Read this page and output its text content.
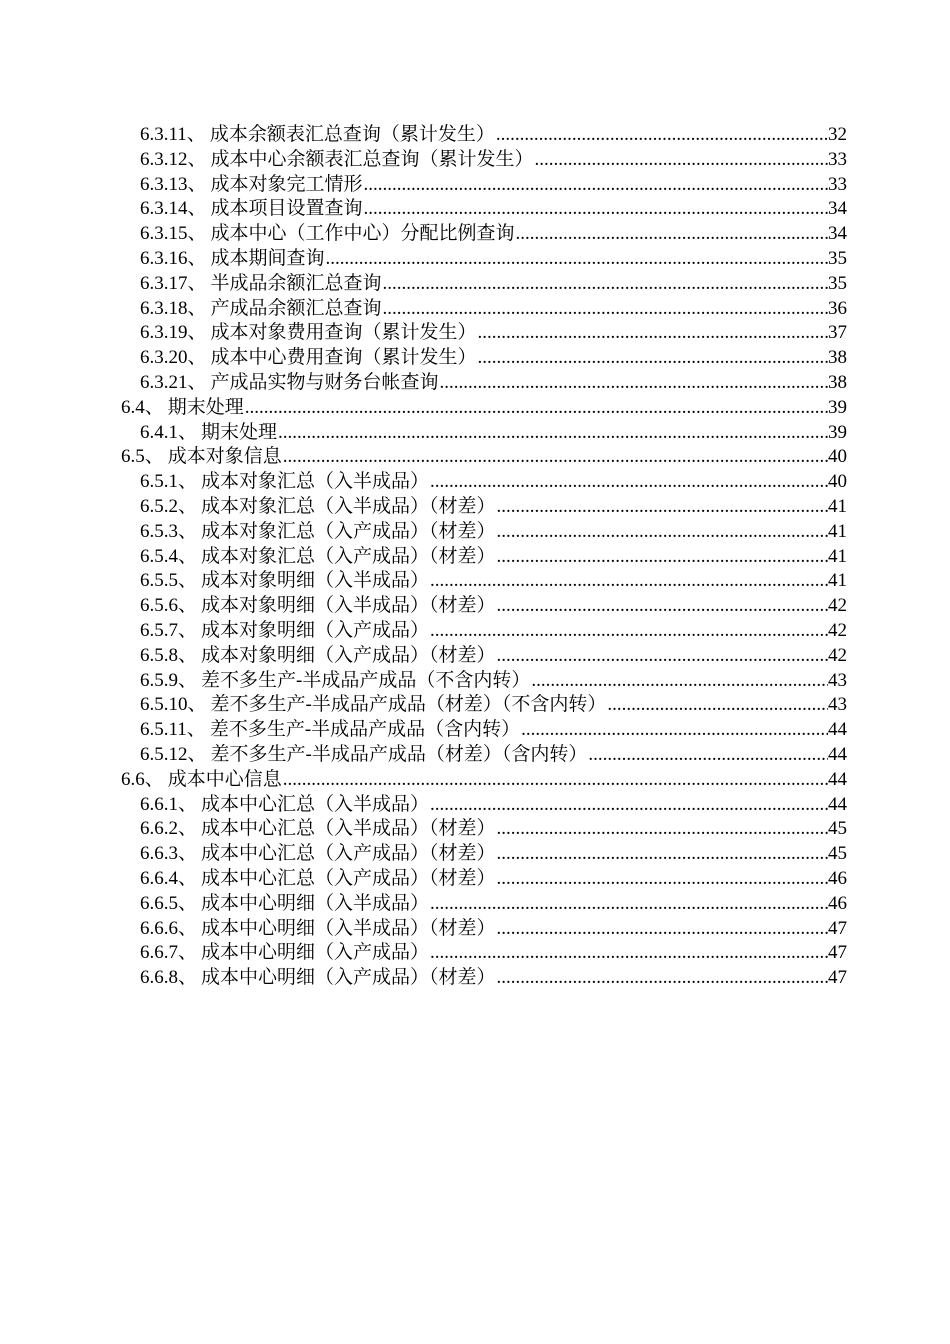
6.3.11 、 成本余额表汇总查询（累计发生） .....	32
6.3.12 、 成本中心余额表汇总查询（累计发生） .....	33
6.3.13 、 成本对象完工情形 .....	33
6.3.14 、 成本项目设置查询 .....	34
6.3.15 、 成本中心（工作中心）分配比例查询 .....	34
6.3.16 、 成本期间查询 .....	35
6.3.17 、 半成品余额汇总查询 .....	35
6.3.18 、 产成品余额汇总查询 .....	36
6.3.19 、 成本对象费用查询（累计发生） .....	37
6.3.20 、 成本中心费用查询（累计发生） .....	38
6.3.21 、 产成品实物与财务台帐查询 .....	38
6.4 、 期末处理 .....	39
6.4.1 、 期末处理 .....	39
6.5 、 成本对象信息 .....	40
6.5.1 、 成本对象汇总（入半成品） .....	40
6.5.2 、 成本对象汇总（入半成品）（材差） .....	41
6.5.3 、 成本对象汇总（入产成品）（材差） .....	41
6.5.4 、 成本对象汇总（入产成品）（材差） .....	41
6.5.5 、 成本对象明细（入半成品） .....	41
6.5.6 、 成本对象明细（入半成品）（材差） .....	42
6.5.7 、 成本对象明细（入产成品） .....	42
6.5.8 、 成本对象明细（入产成品）（材差） .....	42
6.5.9 、 差不多生产-半成品产成品（不含内转） .....	43
6.5.10 、 差不多生产-半成品产成品（材差）（不含内转） .....	43
6.5.11 、 差不多生产-半成品产成品（含内转） .....	44
6.5.12 、 差不多生产-半成品产成品（材差）（含内转） .....	44
6.6 、 成本中心信息 .....	44
6.6.1 、 成本中心汇总（入半成品） .....	44
6.6.2 、 成本中心汇总（入半成品）（材差） .....	45
6.6.3 、 成本中心汇总（入产成品）（材差） .....	45
6.6.4 、 成本中心汇总（入产成品）（材差） .....	46
6.6.5 、 成本中心明细（入半成品） .....	46
6.6.6 、 成本中心明细（入半成品）（材差） .....	47
6.6.7 、 成本中心明细（入产成品） .....	47
6.6.8 、 成本中心明细（入产成品）（材差） .....	47
